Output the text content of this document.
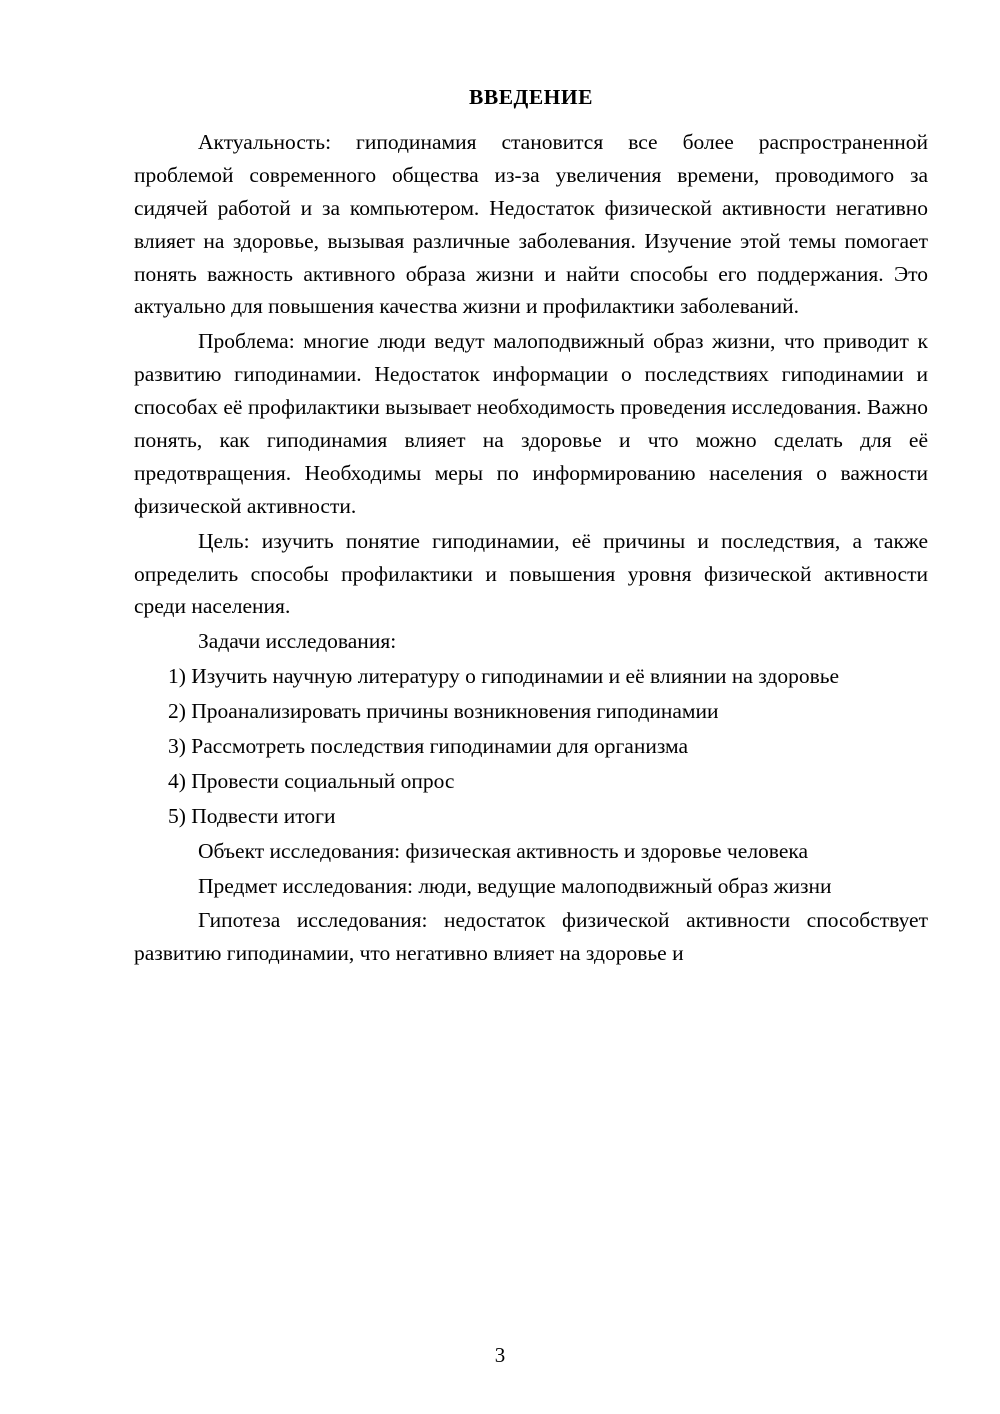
ВВЕДЕНИЕ

Актуальность: гиподинамия становится все более распространенной проблемой современного общества из-за увеличения времени, проводимого за сидячей работой и за компьютером. Недостаток физической активности негативно влияет на здоровье, вызывая различные заболевания. Изучение этой темы помогает понять важность активного образа жизни и найти способы его поддержания. Это актуально для повышения качества жизни и профилактики заболеваний.

Проблема: многие люди ведут малоподвижный образ жизни, что приводит к развитию гиподинамии. Недостаток информации о последствиях гиподинамии и способах её профилактики вызывает необходимость проведения исследования. Важно понять, как гиподинамия влияет на здоровье и что можно сделать для её предотвращения. Необходимы меры по информированию населения о важности физической активности.

Цель: изучить понятие гиподинамии, её причины и последствия, а также определить способы профилактики и повышения уровня физической активности среди населения.

Задачи исследования:

1) Изучить научную литературу о гиподинамии и её влиянии на здоровье

2) Проанализировать причины возникновения гиподинамии

3) Рассмотреть последствия гиподинамии для организма

4) Провести социальный опрос

5) Подвести итоги

Объект исследования: физическая активность и здоровье человека

Предмет исследования: люди, ведущие малоподвижный образ жизни

Гипотеза исследования: недостаток физической активности способствует развитию гиподинамии, что негативно влияет на здоровье и

3
